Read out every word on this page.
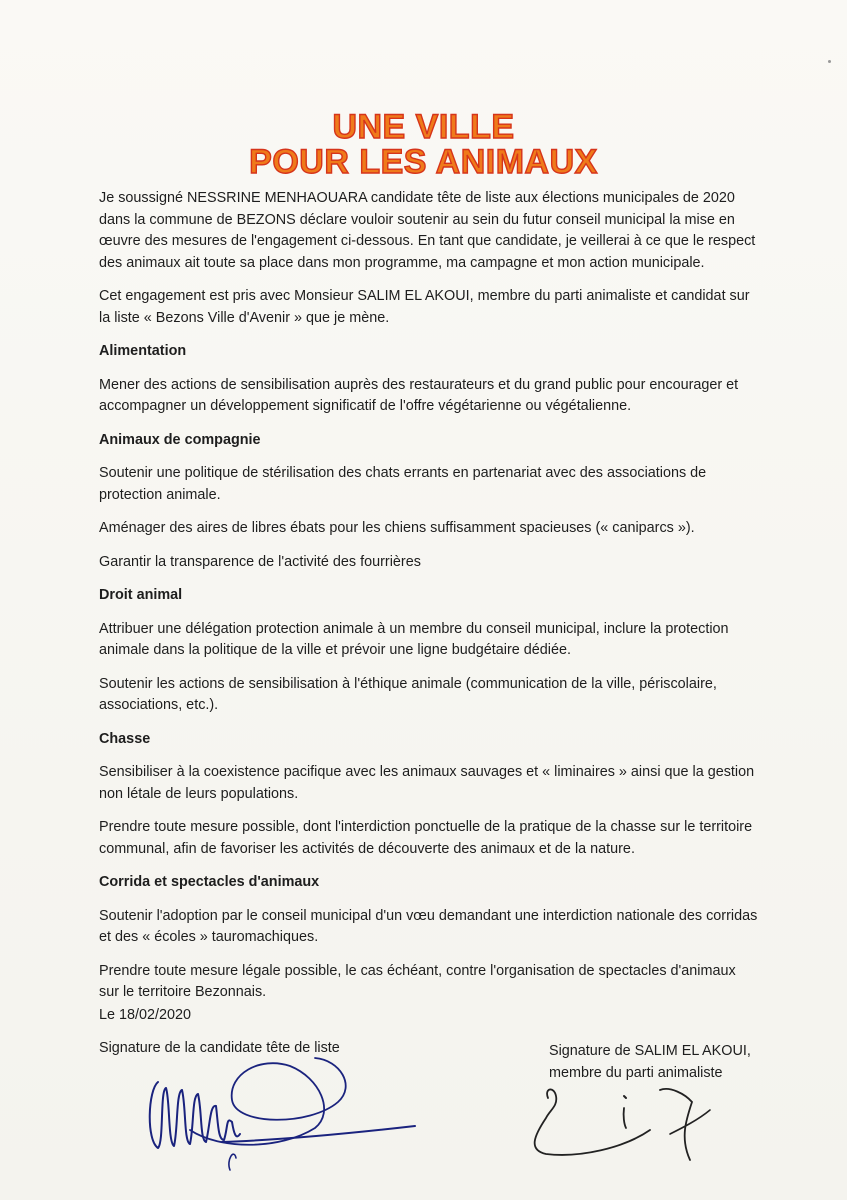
UNE VILLE
POUR LES ANIMAUX

Je soussigné NESSRINE MENHAOUARA candidate tête de liste aux élections municipales de 2020 dans la commune de BEZONS déclare vouloir soutenir au sein du futur conseil municipal la mise en œuvre des mesures de l'engagement ci-dessous. En tant que candidate, je veillerai à ce que le respect des animaux ait toute sa place dans mon programme, ma campagne et mon action municipale.

Cet engagement est pris avec Monsieur SALIM EL AKOUI, membre du parti animaliste et candidat sur la liste « Bezons Ville d'Avenir » que je mène.

Alimentation

Mener des actions de sensibilisation auprès des restaurateurs et du grand public pour encourager et accompagner un développement significatif de l'offre végétarienne ou végétalienne.

Animaux de compagnie

Soutenir une politique de stérilisation des chats errants en partenariat avec des associations de protection animale.

Aménager des aires de libres ébats pour les chiens suffisamment spacieuses (« caniparcs »).

Garantir la transparence de l'activité des fourrières

Droit animal

Attribuer une délégation protection animale à un membre du conseil municipal, inclure la protection animale dans la politique de la ville et prévoir une ligne budgétaire dédiée.

Soutenir les actions de sensibilisation à l'éthique animale (communication de la ville, périscolaire, associations, etc.).

Chasse

Sensibiliser à la coexistence pacifique avec les animaux sauvages et « liminaires » ainsi que la gestion non létale de leurs populations.

Prendre toute mesure possible, dont l'interdiction ponctuelle de la pratique de la chasse sur le territoire communal, afin de favoriser les activités de découverte des animaux et de la nature.

Corrida et spectacles d'animaux

Soutenir l'adoption par le conseil municipal d'un vœu demandant une interdiction nationale des corridas et des « écoles » tauromachiques.

Prendre toute mesure légale possible, le cas échéant, contre l'organisation de spectacles d'animaux sur le territoire Bezonnais.

Le 18/02/2020
Signature de la candidate tête de liste	Signature de SALIM EL AKOUI,
membre du parti animaliste
